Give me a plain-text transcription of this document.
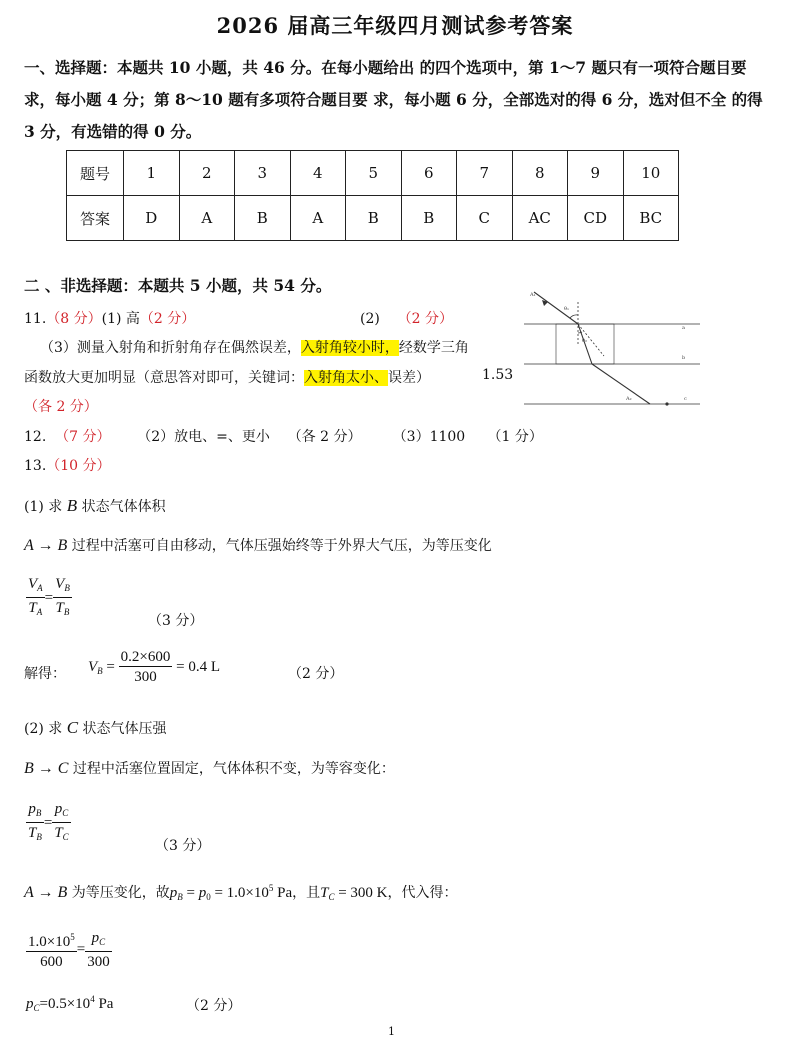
2026 届高三年级四月测试参考答案
一、选择题：本题共 10 小题，共 46 分。在每小题给出 的四个选项中，第 1～7 题只有一项符合题目要求，每小题 4 分；第 8～10 题有多项符合题目要 求，每小题 6 分，全部选对的得 6 分，选对但不全 的得 3 分，有选错的得 0 分。
题号	1	2	3	4	5	6	7	8	9	10
答案	D	A	B	A	B	B	C	AC	CD	BC
二 、非选择题：本题共 5 小题，共 54 分。
11.（8 分）(1) 高（2 分）	(2) （2 分）
（3）测量入射角和折射角存在偶然误差，入射角较小时，经数学三角
函数放大更加明显（意思答对即可，关键词：入射角太小、误差）	1.53
（各 2 分）
A₁
θ₁
θ₂
a
b
A₂	c
12. （7 分） （2）放电、=、更小 （各 2 分） （3）1100 （1 分）
13.（10 分）
(1) 求 B 状态气体体积
A → B 过程中活塞可自由移动，气体压强始终等于外界大气压，为等压变化
$\frac{V_A}{T_A} = \frac{V_B}{T_B}$	（3 分）
解得： $V_B = \frac{0.2\times 600}{300} = 0.4$ L	（2 分）
(2) 求 C 状态气体压强
B → C 过程中活塞位置固定，气体体积不变，为等容变化：
$\frac{p_B}{T_B} = \frac{p_C}{T_C}$	（3 分）
A → B 为等压变化，故$p_B = p_0 = 1.0\times 10^5$ Pa，且$T_C = 300$ K，代入得：
$\frac{1.0\times 10^5}{600} = \frac{p_C}{300}$
$p_C=0.5\times 10^4$ Pa	（2 分）
1
